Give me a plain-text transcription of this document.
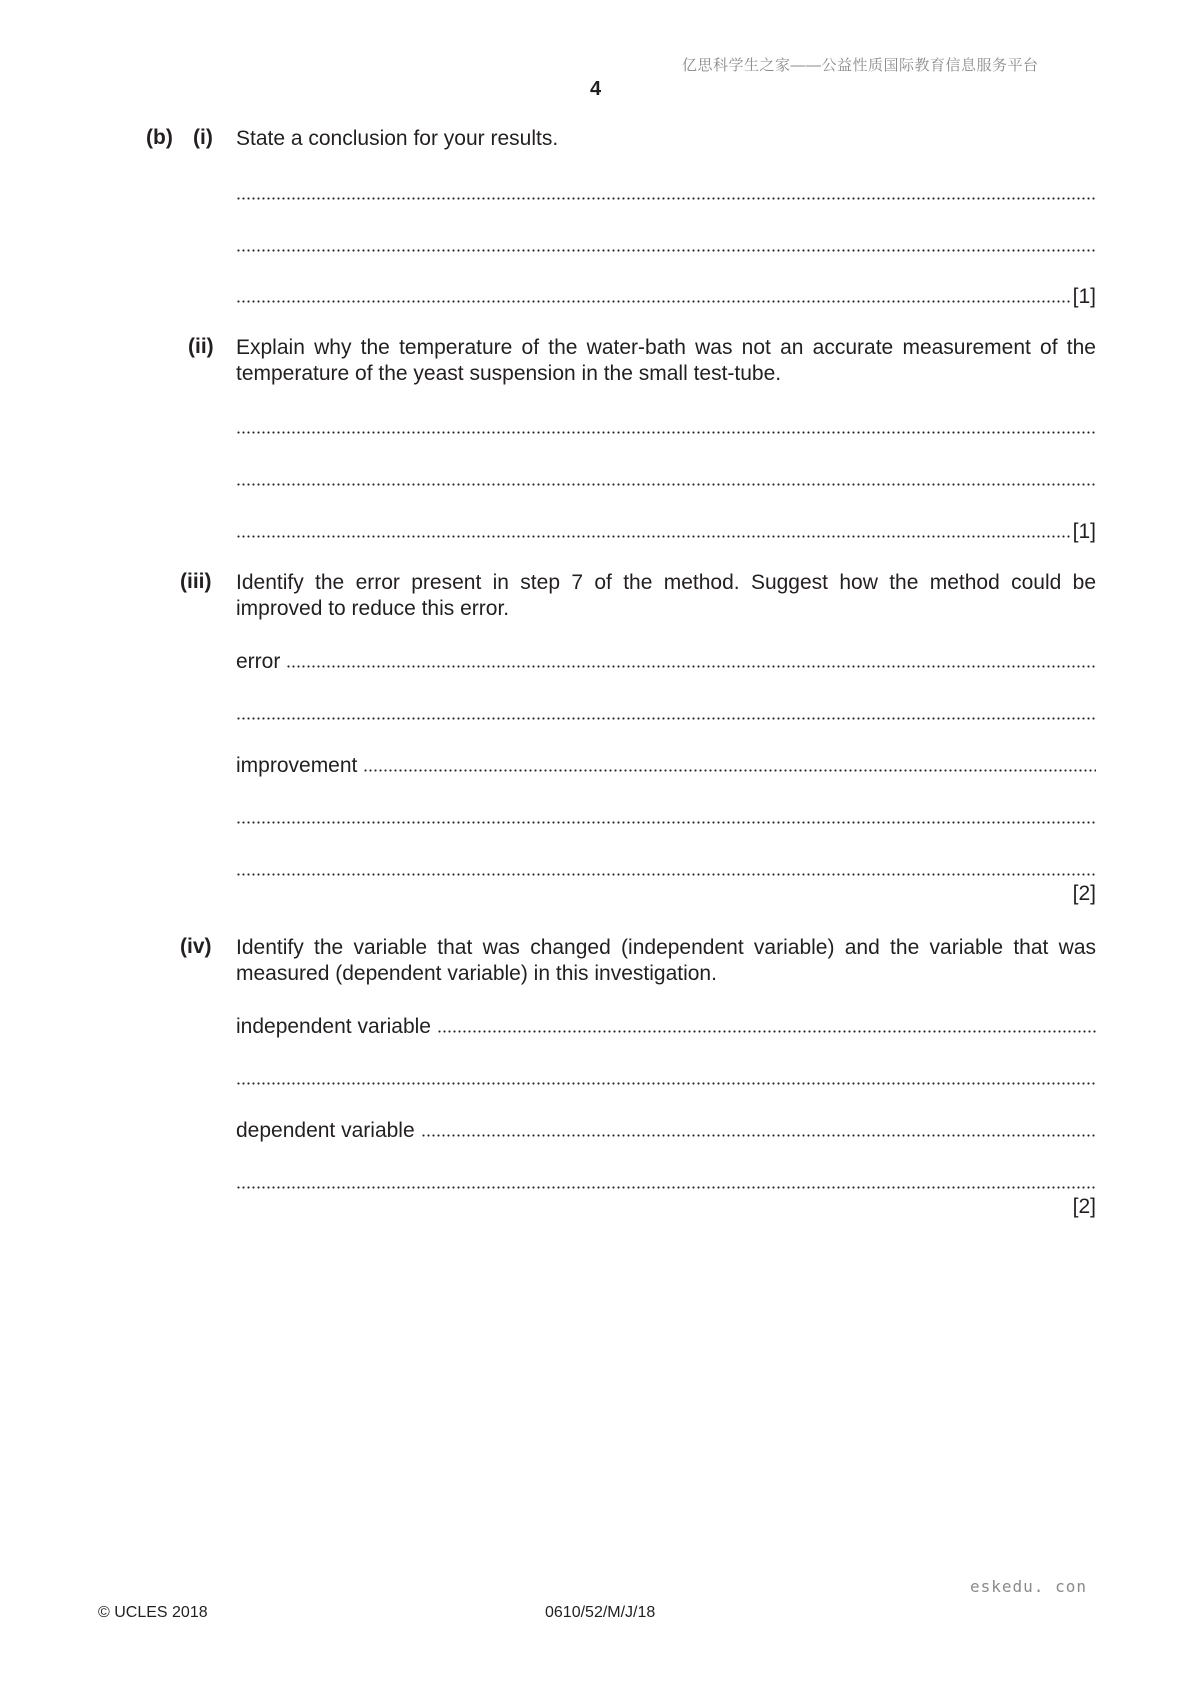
亿思科学生之家——公益性质国际教育信息服务平台
4
(b) (i) State a conclusion for your results.
[1]
(ii) Explain why the temperature of the water-bath was not an accurate measurement of the temperature of the yeast suspension in the small test-tube.
[1]
(iii) Identify the error present in step 7 of the method. Suggest how the method could be improved to reduce this error.
error
improvement
[2]
(iv) Identify the variable that was changed (independent variable) and the variable that was measured (dependent variable) in this investigation.
independent variable
dependent variable
[2]
eskedu. con
© UCLES 2018	0610/52/M/J/18
